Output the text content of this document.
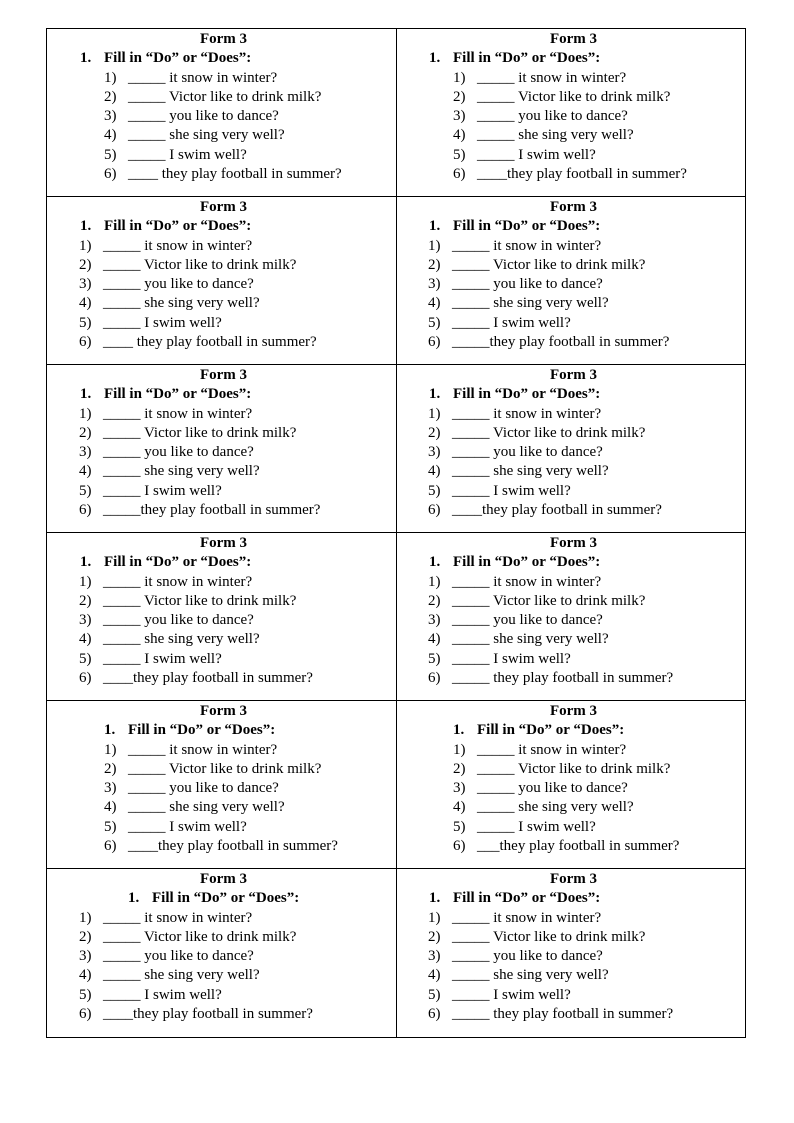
Form 3
1. Fill in “Do” or “Does”:
1) _____ it snow in winter?
2) _____ Victor like to drink milk?
3) _____ you like to dance?
4) _____ she sing very well?
5) _____ I swim well?
6) ____ they play football in summer?
Form 3
1. Fill in “Do” or “Does”:
1) _____ it snow in winter?
2) _____ Victor like to drink milk?
3) _____ you like to dance?
4) _____ she sing very well?
5) _____ I swim well?
6) ____they play football in summer?
Form 3
1. Fill in “Do” or “Does”:
1) _____ it snow in winter?
2) _____ Victor like to drink milk?
3) _____ you like to dance?
4) _____ she sing very well?
5) _____ I swim well?
6) ____ they play football in summer?
Form 3
1. Fill in “Do” or “Does”:
1) _____ it snow in winter?
2) _____ Victor like to drink milk?
3) _____ you like to dance?
4) _____ she sing very well?
5) _____ I swim well?
6) _____they play football in summer?
Form 3
1. Fill in “Do” or “Does”:
1) _____ it snow in winter?
2) _____ Victor like to drink milk?
3) _____ you like to dance?
4) _____ she sing very well?
5) _____ I swim well?
6) _____they play football in summer?
Form 3
1. Fill in “Do” or “Does”:
1) _____ it snow in winter?
2) _____ Victor like to drink milk?
3) _____ you like to dance?
4) _____ she sing very well?
5) _____ I swim well?
6) ____they play football in summer?
Form 3
1. Fill in “Do” or “Does”:
1) _____ it snow in winter?
2) _____ Victor like to drink milk?
3) _____ you like to dance?
4) _____ she sing very well?
5) _____ I swim well?
6) ____they play football in summer?
Form 3
1. Fill in “Do” or “Does”:
1) _____ it snow in winter?
2) _____ Victor like to drink milk?
3) _____ you like to dance?
4) _____ she sing very well?
5) _____ I swim well?
6) _____ they play football in summer?
Form 3
1. Fill in “Do” or “Does”:
1) _____ it snow in winter?
2) _____ Victor like to drink milk?
3) _____ you like to dance?
4) _____ she sing very well?
5) _____ I swim well?
6) ____they play football in summer?
Form 3
1. Fill in “Do” or “Does”:
1) _____ it snow in winter?
2) _____ Victor like to drink milk?
3) _____ you like to dance?
4) _____ she sing very well?
5) _____ I swim well?
6) ___they play football in summer?
Form 3
1. Fill in “Do” or “Does”:
1) _____ it snow in winter?
2) _____ Victor like to drink milk?
3) _____ you like to dance?
4) _____ she sing very well?
5) _____ I swim well?
6) ____they play football in summer?
Form 3
1. Fill in “Do” or “Does”:
1) _____ it snow in winter?
2) _____ Victor like to drink milk?
3) _____ you like to dance?
4) _____ she sing very well?
5) _____ I swim well?
6) _____ they play football in summer?
